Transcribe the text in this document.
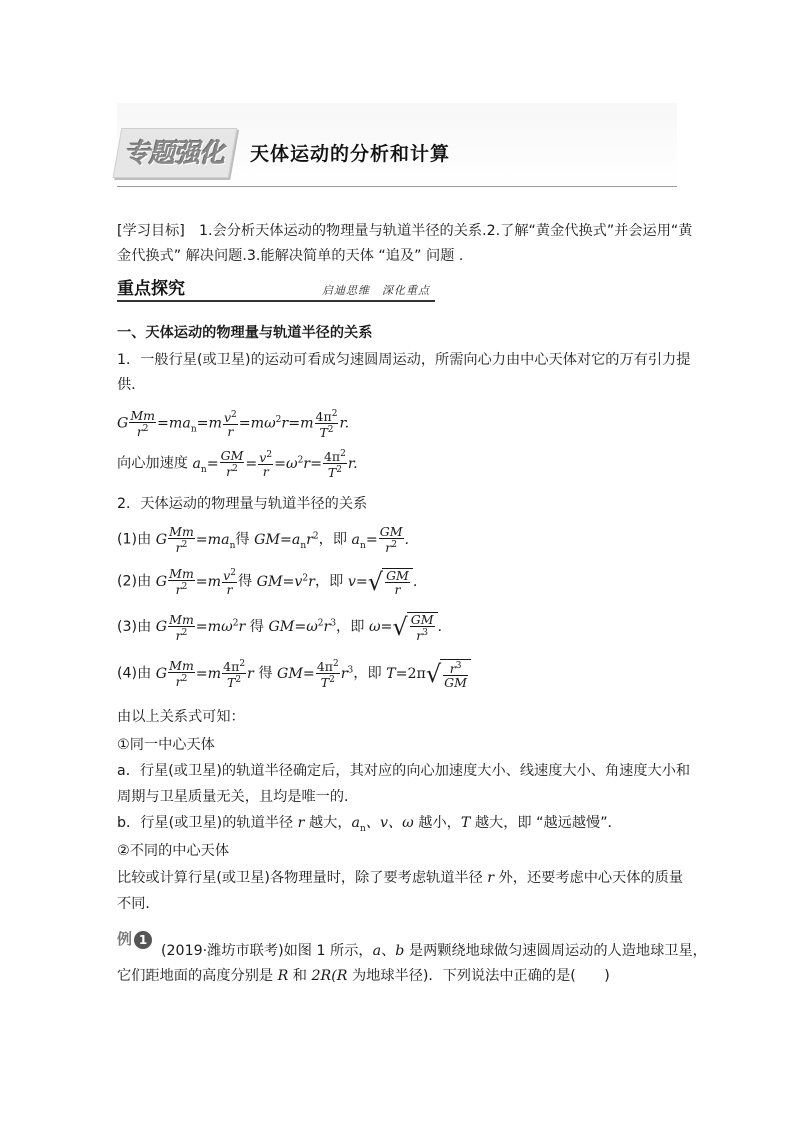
专题强化	天体运动的分析和计算
[学习目标]　1.会分析天体运动的物理量与轨道半径的关系.2.了解“黄金代换式”并会运用“黄
金代换式” 解决问题.3.能解决简单的天体 “追及” 问题 .
重点探究	启迪思维　深化重点
一、天体运动的物理量与轨道半径的关系
1．一般行星(或卫星)的运动可看成匀速圆周运动，所需向心力由中心天体对它的万有引力提
供．
G $\frac{Mm}{r^2} =ma_n=m \frac{v^2}{r} =m\omega^2r=m \frac{4\pi^2}{T^2} r$.
向心加速度 $a_n= \frac{GM}{r^2} = \frac{v^2}{r} =\omega^2r= \frac{4\pi^2}{T^2} r$.
2．天体运动的物理量与轨道半径的关系
(1)由 G $\frac{Mm}{r^2} =ma_n$得 $GM=a_nr^2$，即 $a_n= \frac{GM}{r^2}$ .
(2)由 G $\frac{Mm}{r^2} =m \frac{v^2}{r}$ 得 $GM=v^2r$，即 $v=√ \frac{GM}{r}$ .
(3)由 G $\frac{Mm}{r^2} =m\omega^2r$ 得 $GM=\omega^2r^3$，即 $\omega=√ \frac{GM}{r^3}$ .
(4)由 G $\frac{Mm}{r^2} =m \frac{4\pi^2}{T^2}$ r 得 $GM= \frac{4\pi^2}{T^2} r^3$，即 $T=2\pi√ \frac{r^3}{GM}$
由以上关系式可知：
①同一中心天体
a．行星(或卫星)的轨道半径确定后，其对应的向心加速度大小、线速度大小、角速度大小和
周期与卫星质量无关，且均是唯一的．
b．行星(或卫星)的轨道半径 r 越大，$a_n$、v、ω 越小，T 越大，即 “越远越慢”．
②不同的中心天体
比较或计算行星(或卫星)各物理量时，除了要考虑轨道半径 r 外，还要考虑中心天体的质量
不同．
例 1
(2019·潍坊市联考)如图 1 所示，a、b 是两颗绕地球做匀速圆周运动的人造地球卫星，
它们距地面的高度分别是 R 和 2R(R 为地球半径)．下列说法中正确的是(　　)
